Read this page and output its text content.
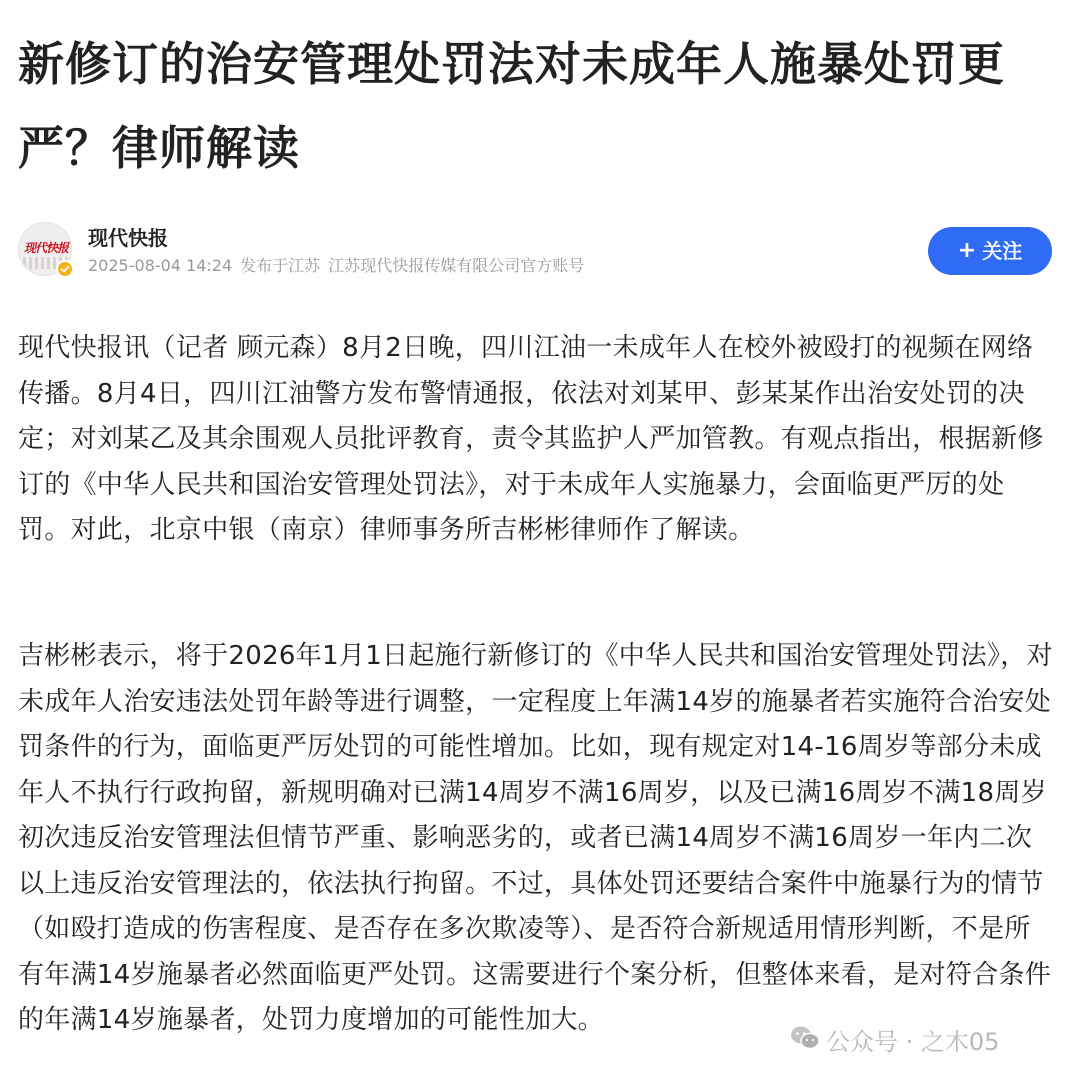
新修订的治安管理处罚法对未成年人施暴处罚更严？律师解读
现代快报 现代快报
2025-08-04 14:24 发布于江苏 江苏现代快报传媒有限公司官方账号
+ 关注

现代快报讯（记者 顾元森）8月2日晚，四川江油一未成年人在校外被殴打的视频在网络传播。8月4日，四川江油警方发布警情通报，依法对刘某甲、彭某某作出治安处罚的决定；对刘某乙及其余围观人员批评教育，责令其监护人严加管教。有观点指出，根据新修订的《中华人民共和国治安管理处罚法》，对于未成年人实施暴力，会面临更严厉的处罚。对此，北京中银（南京）律师事务所吉彬彬律师作了解读。

吉彬彬表示，将于2026年1月1日起施行新修订的《中华人民共和国治安管理处罚法》，对未成年人治安违法处罚年龄等进行调整，一定程度上年满14岁的施暴者若实施符合治安处罚条件的行为，面临更严厉处罚的可能性增加。比如，现有规定对14-16周岁等部分未成年人不执行行政拘留，新规明确对已满14周岁不满16周岁，以及已满16周岁不满18周岁初次违反治安管理法但情节严重、影响恶劣的，或者已满14周岁不满16周岁一年内二次以上违反治安管理法的，依法执行拘留。不过，具体处罚还要结合案件中施暴行为的情节（如殴打造成的伤害程度、是否存在多次欺凌等）、是否符合新规适用情形判断，不是所有年满14岁施暴者必然面临更严处罚。这需要进行个案分析，但整体来看，是对符合条件的年满14岁施暴者，处罚力度增加的可能性加大。

公众号 · 之木05
